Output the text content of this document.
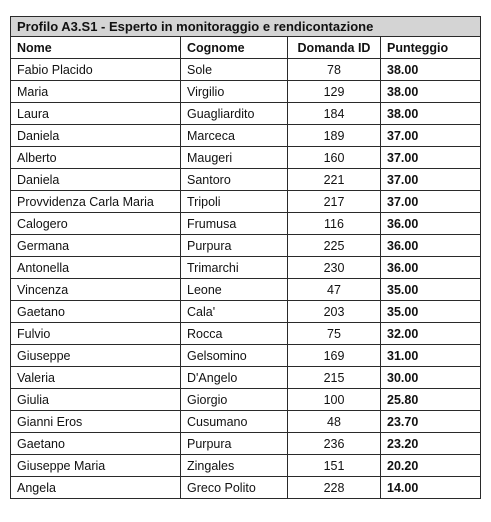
Profilo A3.S1 - Esperto in monitoraggio e rendicontazione			
Nome	Cognome	Domanda ID	Punteggio
Fabio Placido	Sole	78	38.00
Maria	Virgilio	129	38.00
Laura	Guagliardito	184	38.00
Daniela	Marceca	189	37.00
Alberto	Maugeri	160	37.00
Daniela	Santoro	221	37.00
Provvidenza Carla Maria	Tripoli	217	37.00
Calogero	Frumusa	116	36.00
Germana	Purpura	225	36.00
Antonella	Trimarchi	230	36.00
Vincenza	Leone	47	35.00
Gaetano	Cala'	203	35.00
Fulvio	Rocca	75	32.00
Giuseppe	Gelsomino	169	31.00
Valeria	D'Angelo	215	30.00
Giulia	Giorgio	100	25.80
Gianni Eros	Cusumano	48	23.70
Gaetano	Purpura	236	23.20
Giuseppe Maria	Zingales	151	20.20
Angela	Greco Polito	228	14.00
